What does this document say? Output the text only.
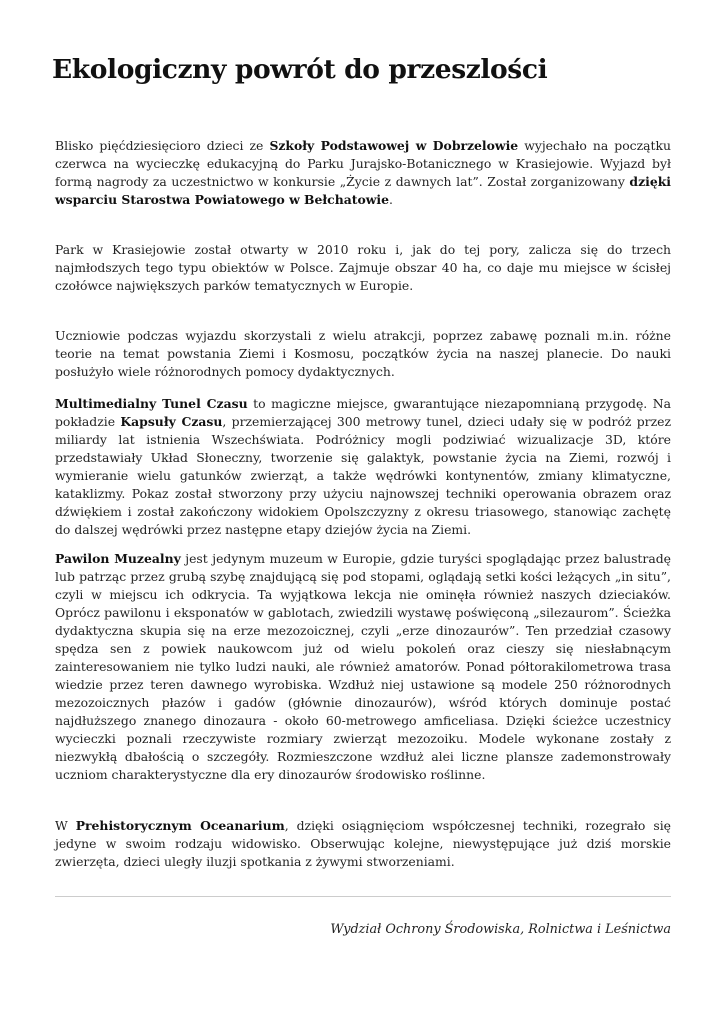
Ekologiczny powrót do przeszlości

Blisko pięćdziesięcioro dzieci ze Szkoły Podstawowej w Dobrzelowie wyjechało na początku czerwca na wycieczkę edukacyjną do Parku Jurajsko-Botanicznego w Krasiejowie. Wyjazd był formą nagrody za uczestnictwo w konkursie „Życie z dawnych lat”. Został zorganizowany dzięki wsparciu Starostwa Powiatowego w Bełchatowie.

Park w Krasiejowie został otwarty w 2010 roku i, jak do tej pory, zalicza się do trzech najmłodszych tego typu obiektów w Polsce. Zajmuje obszar 40 ha, co daje mu miejsce w ścisłej czołówce największych parków tematycznych w Europie.

Uczniowie podczas wyjazdu skorzystali z wielu atrakcji, poprzez zabawę poznali m.in. różne teorie na temat powstania Ziemi i Kosmosu, początków życia na naszej planecie. Do nauki posłużyło wiele różnorodnych pomocy dydaktycznych.

Multimedialny Tunel Czasu to magiczne miejsce, gwarantujące niezapomnianą przygodę. Na pokładzie Kapsuły Czasu, przemierzającej 300 metrowy tunel, dzieci udały się w podróż przez miliardy lat istnienia Wszechświata. Podróżnicy mogli podziwiać wizualizacje 3D, które przedstawiały Układ Słoneczny, tworzenie się galaktyk, powstanie życia na Ziemi, rozwój i wymieranie wielu gatunków zwierząt, a także wędrówki kontynentów, zmiany klimatyczne, kataklizmy. Pokaz został stworzony przy użyciu najnowszej techniki operowania obrazem oraz dźwiękiem i został zakończony widokiem Opolszczyzny z okresu triasowego, stanowiąc zachętę do dalszej wędrówki przez następne etapy dziejów życia na Ziemi.

Pawilon Muzealny jest jedynym muzeum w Europie, gdzie turyści spoglądając przez balustradę lub patrząc przez grubą szybę znajdującą się pod stopami, oglądają setki kości leżących „in situ”, czyli w miejscu ich odkrycia. Ta wyjątkowa lekcja nie ominęła również naszych dzieciaków. Oprócz pawilonu i eksponatów w gablotach, zwiedzili wystawę poświęconą „silezaurom”. Ścieżka dydaktyczna skupia się na erze mezozoicznej, czyli „erze dinozaurów”. Ten przedział czasowy spędza sen z powiek naukowcom już od wielu pokoleń oraz cieszy się niesłabnącym zainteresowaniem nie tylko ludzi nauki, ale również amatorów. Ponad półtorakilometrowa trasa wiedzie przez teren dawnego wyrobiska. Wzdłuż niej ustawione są modele 250 różnorodnych mezozoicznych płazów i gadów (głównie dinozaurów), wśród których dominuje postać najdłuższego znanego dinozaura - około 60-metrowego amficeliasa. Dzięki ścieżce uczestnicy wycieczki poznali rzeczywiste rozmiary zwierząt mezozoiku. Modele wykonane zostały z niezwykłą dbałością o szczegóły. Rozmieszczone wzdłuż alei liczne plansze zademonstrowały uczniom charakterystyczne dla ery dinozaurów środowisko roślinne.

W Prehistorycznym Oceanarium, dzięki osiągnięciom współczesnej techniki, rozegrało się jedyne w swoim rodzaju widowisko. Obserwując kolejne, niewystępujące już dziś morskie zwierzęta, dzieci uległy iluzji spotkania z żywymi stworzeniami.

Wydział Ochrony Środowiska, Rolnictwa i Leśnictwa
